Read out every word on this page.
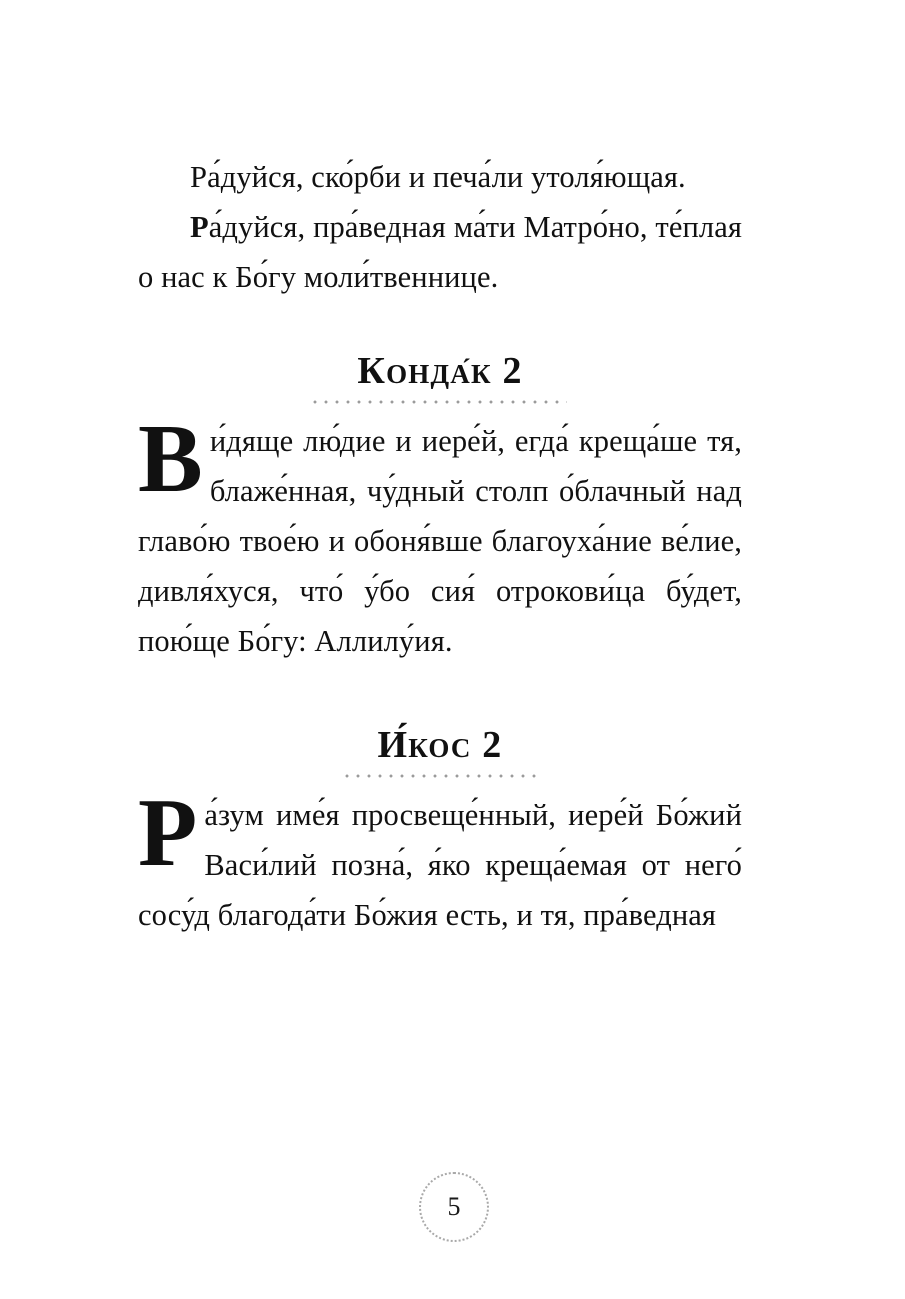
Ра́дуйся, ско́рби и печа́ли утоля́ющая.

Ра́дуйся, пра́ведная ма́ти Матро́но, те́плая о нас к Бо́гу моли́твеннице.

Конда́к 2

Ви́дяще лю́дие и иере́й, егда́ креща́ше тя, блаже́нная, чу́дный столп о́блачный над главо́ю твое́ю и обоня́вше благоуха́ние ве́лие, дивля́хуся, что́ у́бо сия́ отрокови́ца бу́дет, пою́ще Бо́гу: Аллилу́ия.

И́кос 2

Ра́зум име́я просвеще́нный, иере́й Бо́жий Васи́лий позна́, я́ко креща́емая от него́ сосу́д благода́ти Бо́жия есть, и тя, пра́ведная

5
